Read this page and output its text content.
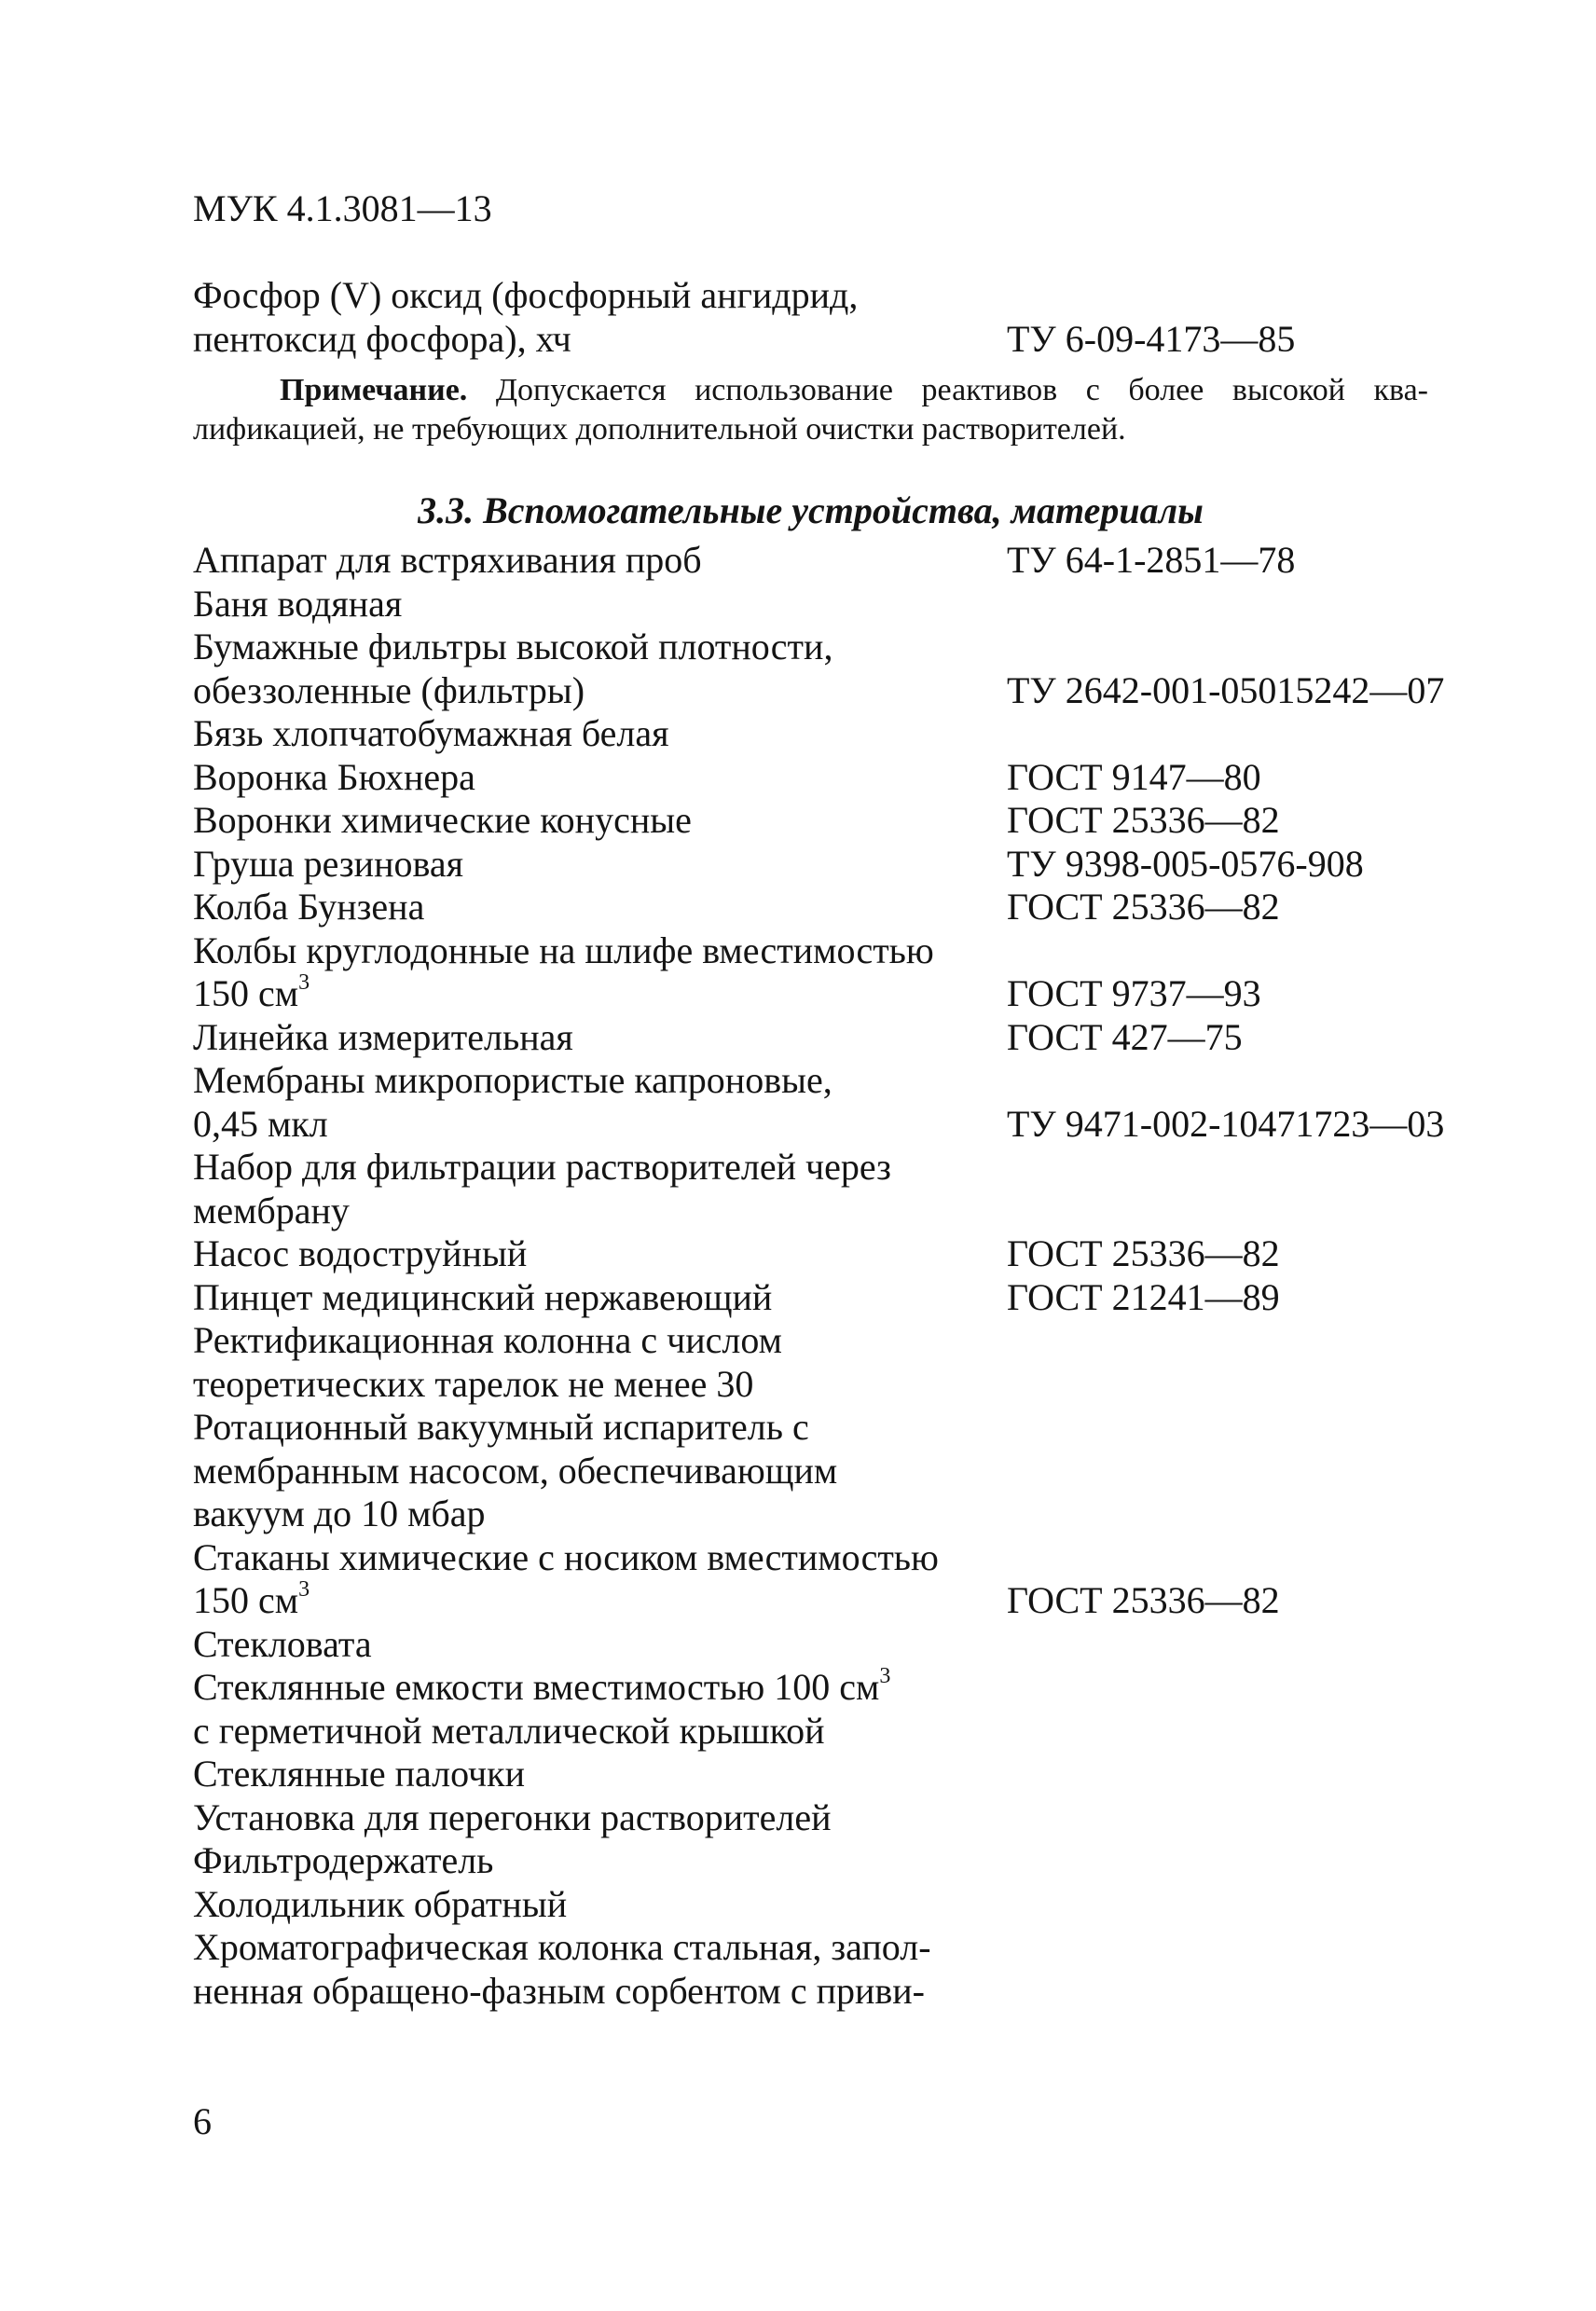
МУК 4.1.3081—13
Фосфор (V) оксид (фосфорный ангидрид,
пентоксид фосфора), хч	ТУ 6-09-4173—85
Примечание. Допускается использование реактивов с более высокой ква-
лификацией, не требующих дополнительной очистки растворителей.
3.3. Вспомогательные устройства, материалы
Аппарат для встряхивания проб	ТУ 64-1-2851—78
Баня водяная
Бумажные фильтры высокой плотности,
обеззоленные (фильтры)	ТУ 2642-001-05015242—07
Бязь хлопчатобумажная белая
Воронка Бюхнера	ГОСТ 9147—80
Воронки химические конусные	ГОСТ 25336—82
Груша резиновая	ТУ 9398-005-0576-908
Колба Бунзена	ГОСТ 25336—82
Колбы круглодонные на шлифе вместимостью
150 $см^3$	ГОСТ 9737—93
Линейка измерительная	ГОСТ 427—75
Мембраны микропористые капроновые,
0,45 мкл	ТУ 9471-002-10471723—03
Набор для фильтрации растворителей через
мембрану
Насос водоструйный	ГОСТ 25336—82
Пинцет медицинский нержавеющий	ГОСТ 21241—89
Ректификационная колонна с числом
теоретических тарелок не менее 30
Ротационный вакуумный испаритель с
мембранным насосом, обеспечивающим
вакуум до 10 мбар
Стаканы химические с носиком вместимостью
150 $см^3$	ГОСТ 25336—82
Стекловата
Стеклянные емкости вместимостью 100 $см^3$
с герметичной металлической крышкой
Стеклянные палочки
Установка для перегонки растворителей
Фильтродержатель
Холодильник обратный
Хроматографическая колонка стальная, запол-
ненная обращено-фазным сорбентом с приви-
6
